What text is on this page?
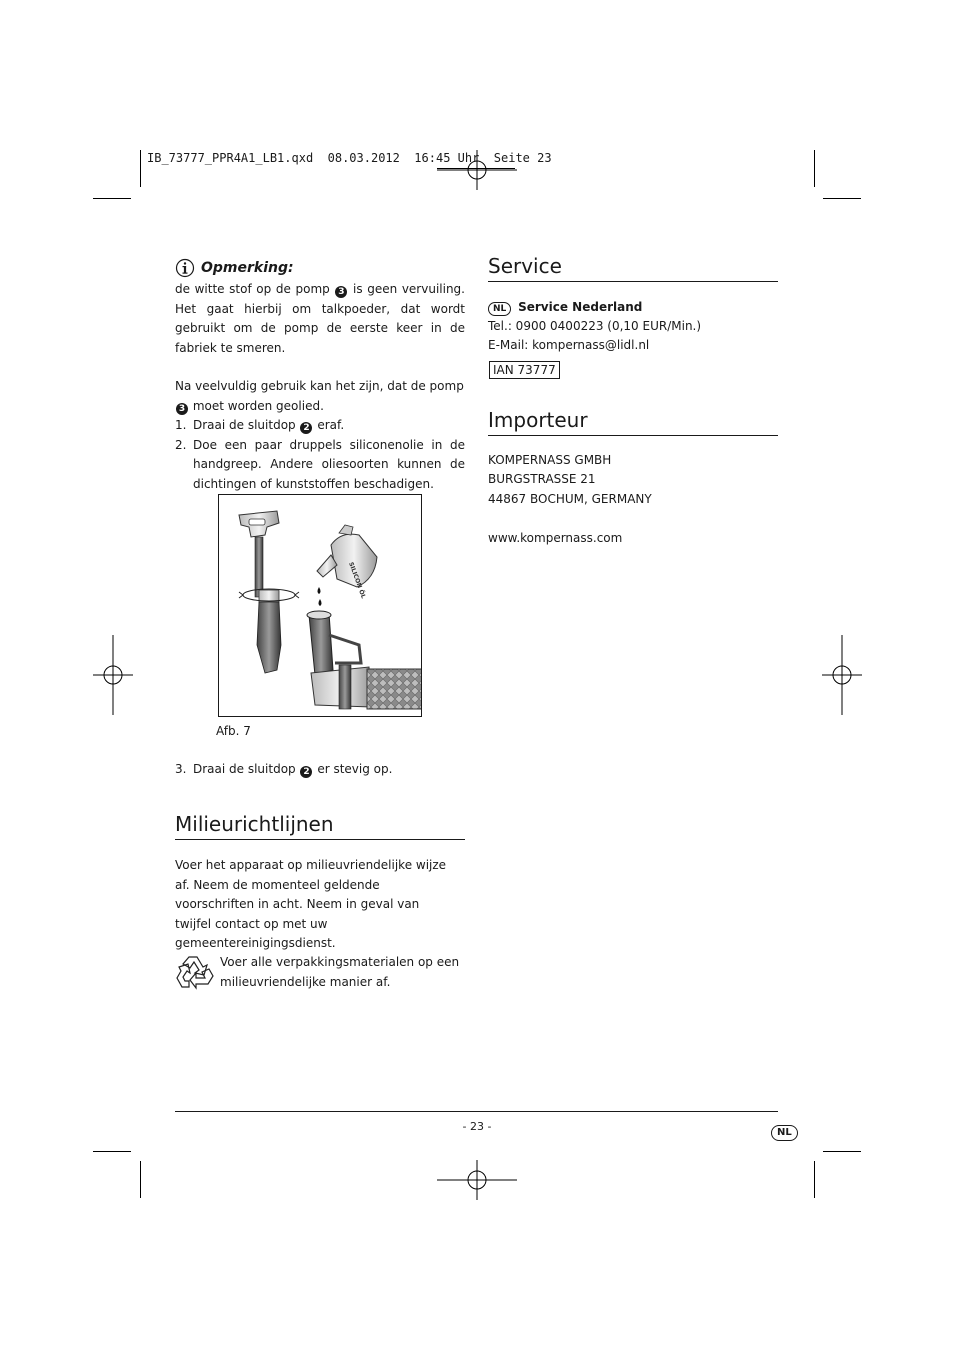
IB_73777_PPR4A1_LB1.qxd  08.03.2012  16:45 Uhr  Seite 23
Opmerking:
de witte stof op de pomp 3 is geen vervuiling. Het gaat hierbij om talkpoeder, dat wordt gebruikt om de pomp de eerste keer in de fabriek te smeren.
Na veelvuldig gebruik kan het zijn, dat de pomp 3 moet worden geolied.
1. Draai de sluitdop 2 eraf.
2. Doe een paar druppels siliconenolie in de handgreep. Andere oliesoorten kunnen de dichtingen of kunststoffen beschadigen.
SILICON ÖL
Afb. 7
3. Draai de sluitdop 2 er stevig op.
Milieurichtlijnen
Voer het apparaat op milieuvriendelijke wijze af. Neem de momenteel geldende voorschriften in acht. Neem in geval van twijfel contact op met uw gemeentereinigingsdienst.
Voer alle verpakkingsmaterialen op een milieuvriendelijke manier af.
Service
NL Service Nederland
Tel.: 0900 0400223 (0,10 EUR/Min.)
E-Mail: kompernass@lidl.nl
IAN 73777
Importeur
KOMPERNASS GMBH
BURGSTRASSE 21
44867 BOCHUM, GERMANY
www.kompernass.com
- 23 -	NL
